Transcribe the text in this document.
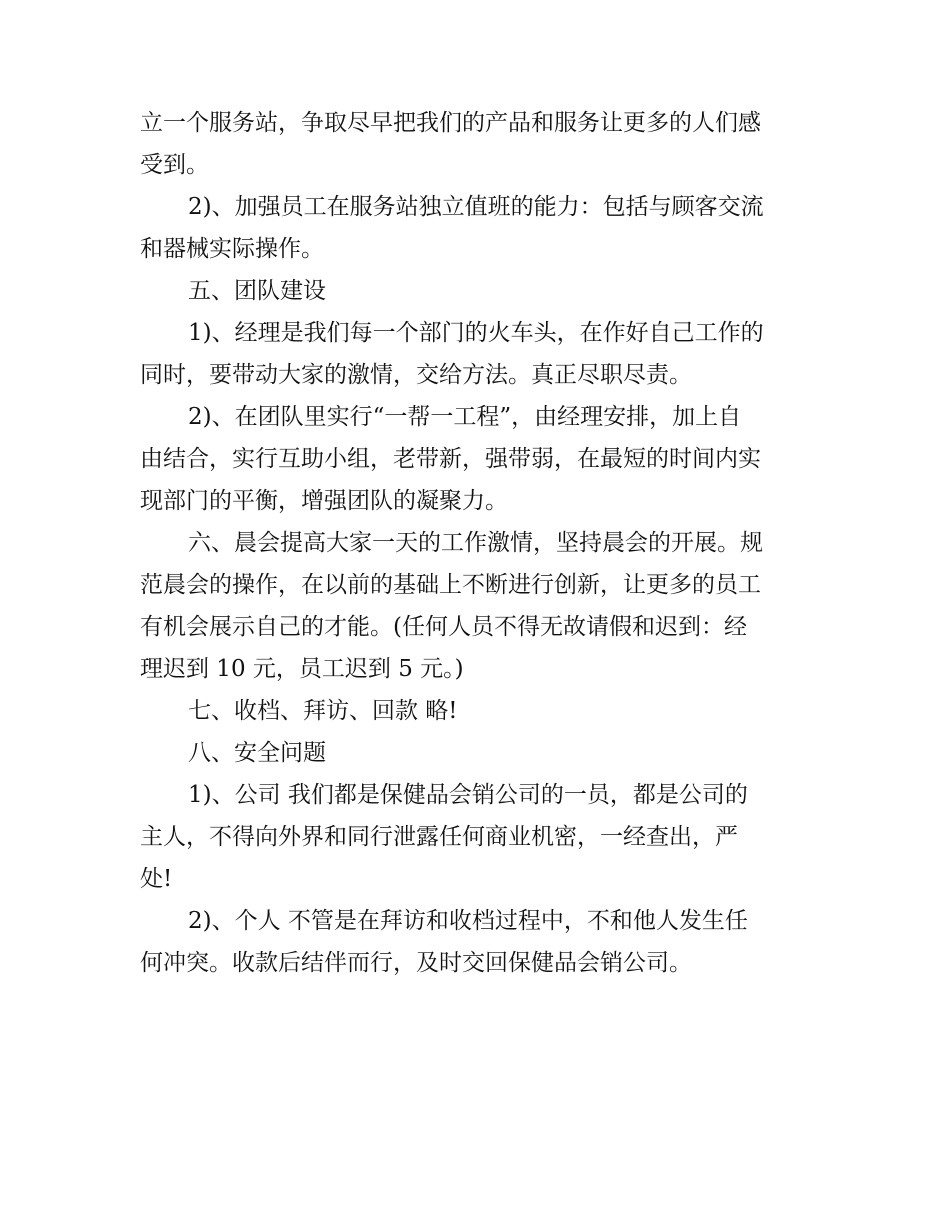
立一个服务站，争取尽早把我们的产品和服务让更多的人们感
受到。
2)、加强员工在服务站独立值班的能力：包括与顾客交流
和器械实际操作。
五、团队建设
1)、经理是我们每一个部门的火车头，在作好自己工作的
同时，要带动大家的激情，交给方法。真正尽职尽责。
2)、在团队里实行“一帮一工程”，由经理安排，加上自
由结合，实行互助小组，老带新，强带弱，在最短的时间内实
现部门的平衡，增强团队的凝聚力。
六、晨会提高大家一天的工作激情，坚持晨会的开展。规
范晨会的操作，在以前的基础上不断进行创新，让更多的员工
有机会展示自己的才能。(任何人员不得无故请假和迟到：经
理迟到 10 元，员工迟到 5 元。)
七、收档、拜访、回款 略!
八、安全问题
1)、公司 我们都是保健品会销公司的一员，都是公司的
主人，不得向外界和同行泄露任何商业机密，一经查出，严
处!
2)、个人 不管是在拜访和收档过程中，不和他人发生任
何冲突。收款后结伴而行，及时交回保健品会销公司。
